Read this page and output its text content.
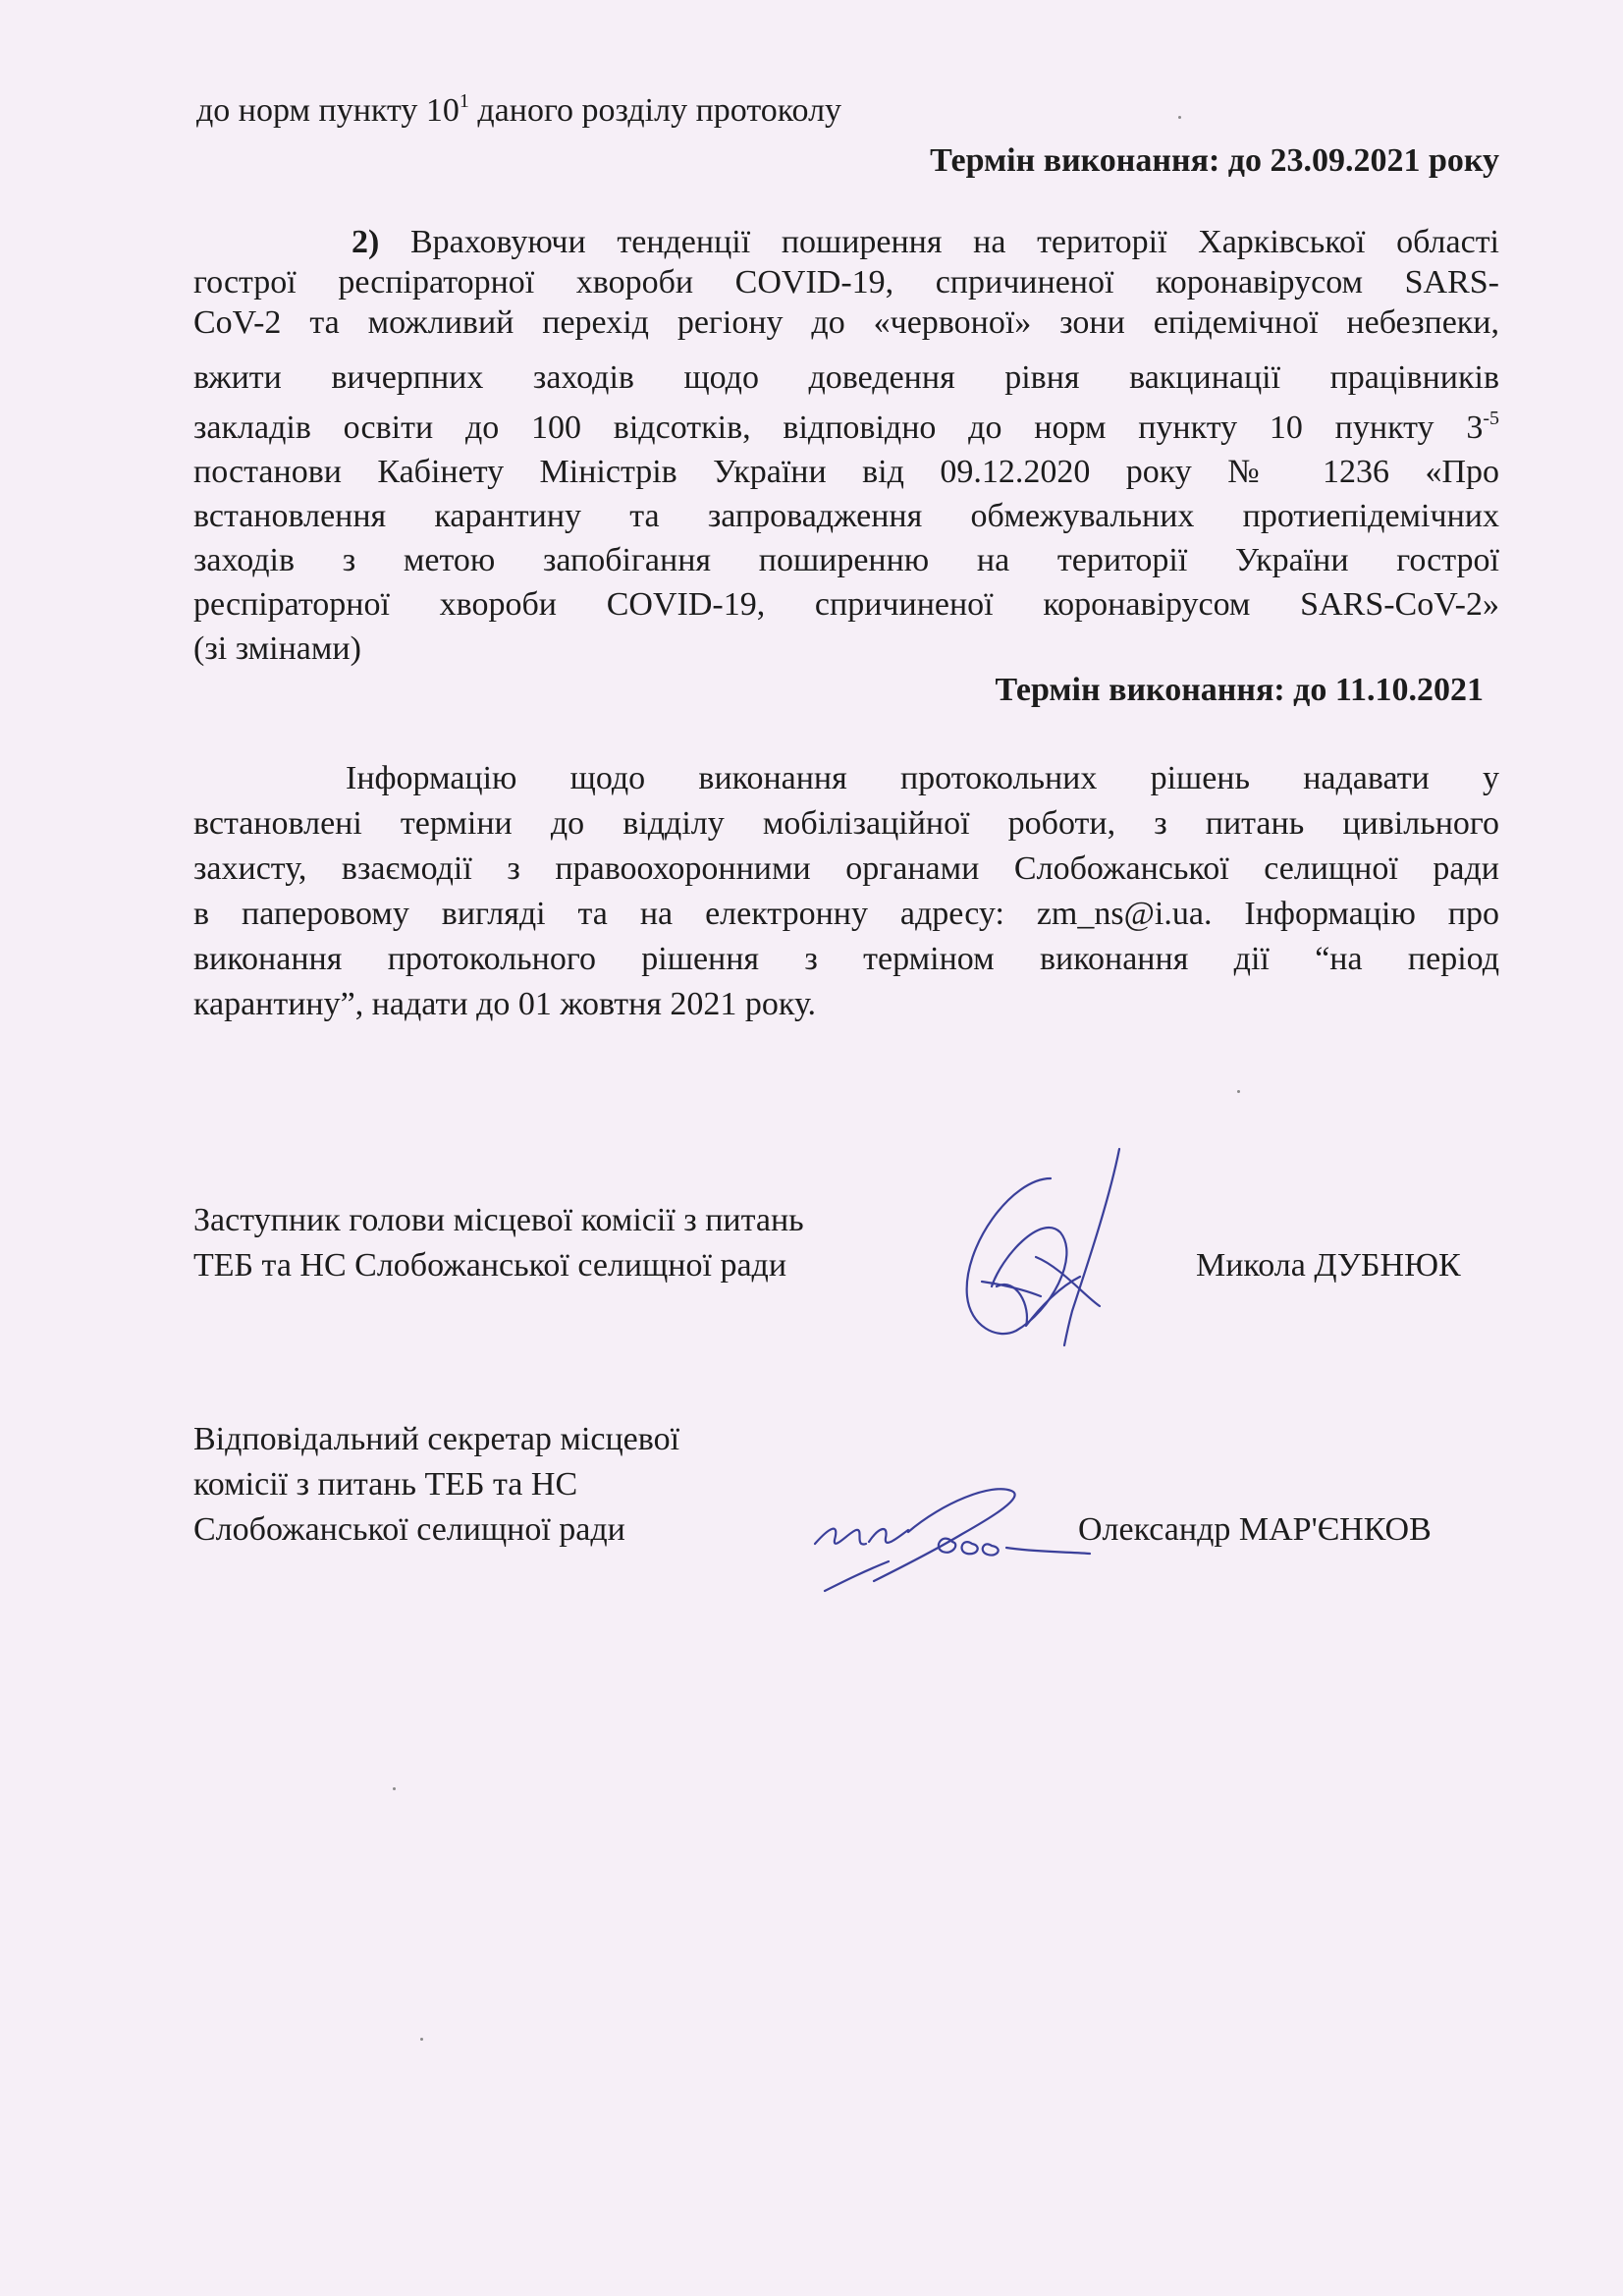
до норм пункту $10^1$ даного розділу протоколу
Термін виконання: до 23.09.2021 року
2) Враховуючи тенденції поширення на території Харківської області
гострої респіраторної хвороби COVID-19, спричиненої коронавірусом SARS-
CoV-2 та можливий перехід регіону до «червоної» зони епідемічної небезпеки,
вжити вичерпних заходів щодо доведення рівня вакцинації працівників
закладів освіти до 100 відсотків, відповідно до норм пункту 10 пункту $3^{-5}$
постанови Кабінету Міністрів України від 09.12.2020 року № 1236 «Про
встановлення карантину та запровадження обмежувальних протиепідемічних
заходів з метою запобігання поширенню на території України гострої
респіраторної хвороби COVID-19, спричиненої коронавірусом SARS-CoV-2»
(зі змінами)
Термін виконання: до 11.10.2021
Інформацію щодо виконання протокольних рішень надавати у
встановлені терміни до відділу мобілізаційної роботи, з питань цивільного
захисту, взаємодії з правоохоронними органами Слобожанської селищної ради
в паперовому вигляді та на електронну адресу: zm_ns@i.ua. Інформацію про
виконання протокольного рішення з терміном виконання дії “на період
карантину”, надати до 01 жовтня 2021 року.
Заступник голови місцевої комісії з питань
ТЕБ та НС Слобожанської селищної ради	Микола ДУБНЮК
Відповідальний секретар місцевої
комісії з питань ТЕБ та НС
Слобожанської селищної ради	Олександр МАР'ЄНКОВ
